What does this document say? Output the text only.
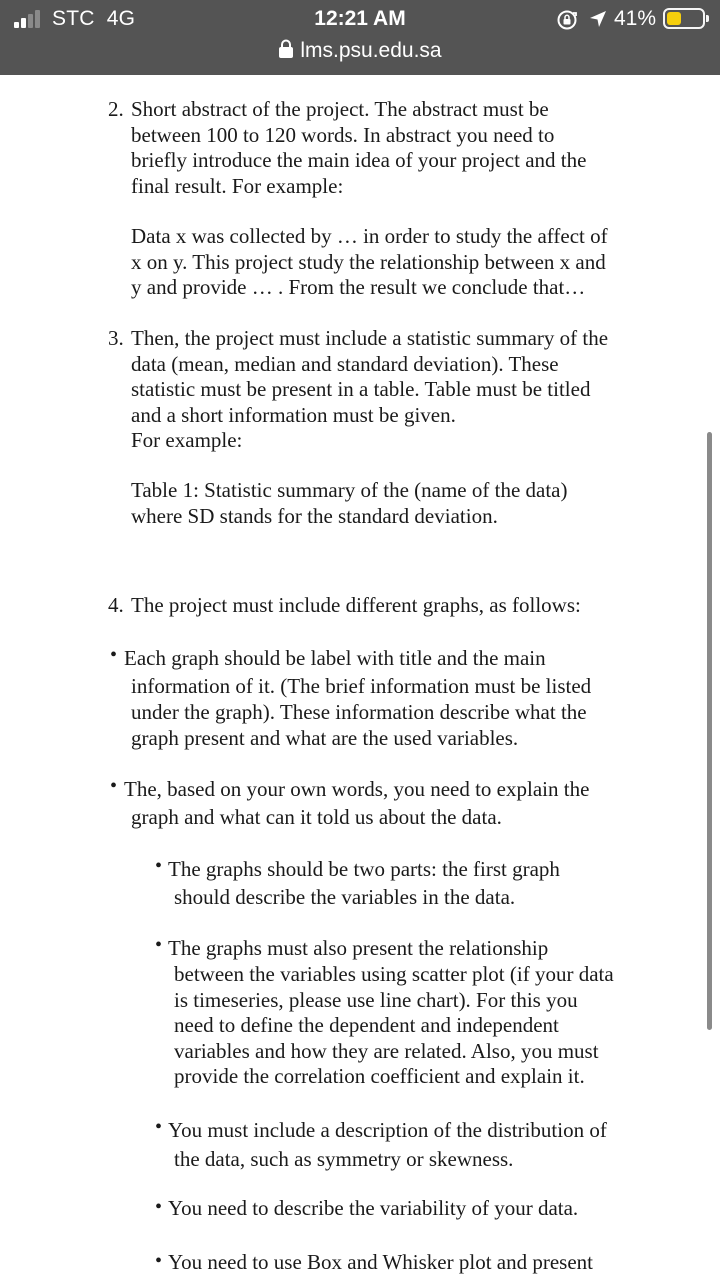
STC 4G	12:21 AM	41%
lms.psu.edu.sa
2. Short abstract of the project. The abstract must be
between 100 to 120 words. In abstract you need to
briefly introduce the main idea of your project and the
final result. For example:
Data x was collected by … in order to study the affect of
x on y. This project study the relationship between x and
y and provide … . From the result we conclude that…
3. Then, the project must include a statistic summary of the
data (mean, median and standard deviation). These
statistic must be present in a table. Table must be titled
and a short information must be given.
For example:
Table 1: Statistic summary of the (name of the data)
where SD stands for the standard deviation.
4. The project must include different graphs, as follows:
• Each graph should be label with title and the main
information of it. (The brief information must be listed
under the graph). These information describe what the
graph present and what are the used variables.
• The, based on your own words, you need to explain the
graph and what can it told us about the data.
• The graphs should be two parts: the first graph
should describe the variables in the data.
• The graphs must also present the relationship
between the variables using scatter plot (if your data
is timeseries, please use line chart). For this you
need to define the dependent and independent
variables and how they are related. Also, you must
provide the correlation coefficient and explain it.
• You must include a description of the distribution of
the data, such as symmetry or skewness.
• You need to describe the variability of your data.
• You need to use Box and Whisker plot and present
